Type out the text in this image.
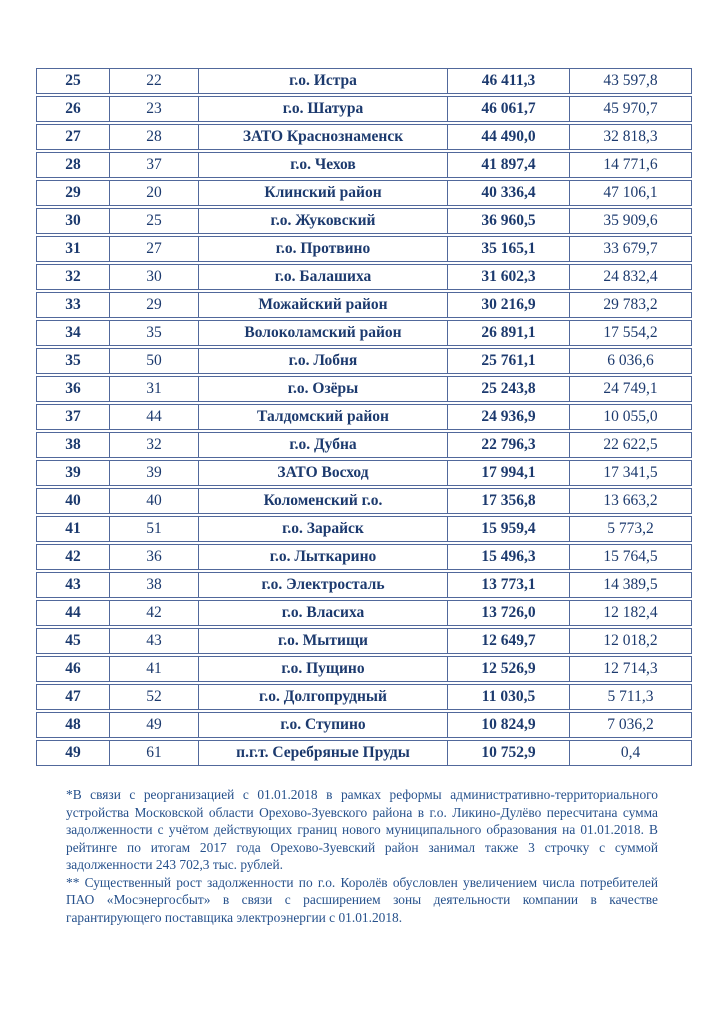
25	22	г.о. Истра	46 411,3	43 597,8
26	23	г.о. Шатура	46 061,7	45 970,7
27	28	ЗАТО Краснознаменск	44 490,0	32 818,3
28	37	г.о. Чехов	41 897,4	14 771,6
29	20	Клинский район	40 336,4	47 106,1
30	25	г.о. Жуковский	36 960,5	35 909,6
31	27	г.о. Протвино	35 165,1	33 679,7
32	30	г.о. Балашиха	31 602,3	24 832,4
33	29	Можайский район	30 216,9	29 783,2
34	35	Волоколамский район	26 891,1	17 554,2
35	50	г.о. Лобня	25 761,1	6 036,6
36	31	г.о. Озёры	25 243,8	24 749,1
37	44	Талдомский район	24 936,9	10 055,0
38	32	г.о. Дубна	22 796,3	22 622,5
39	39	ЗАТО Восход	17 994,1	17 341,5
40	40	Коломенский г.о.	17 356,8	13 663,2
41	51	г.о. Зарайск	15 959,4	5 773,2
42	36	г.о. Лыткарино	15 496,3	15 764,5
43	38	г.о. Электросталь	13 773,1	14 389,5
44	42	г.о. Власиха	13 726,0	12 182,4
45	43	г.о. Мытищи	12 649,7	12 018,2
46	41	г.о. Пущино	12 526,9	12 714,3
47	52	г.о. Долгопрудный	11 030,5	5 711,3
48	49	г.о. Ступино	10 824,9	7 036,2
49	61	п.г.т. Серебряные Пруды	10 752,9	0,4

*В связи с реорганизацией с 01.01.2018 в рамках реформы административно-территориального устройства Московской области Орехово-Зуевского района в г.о. Ликино-Дулёво пересчитана сумма задолженности с учётом действующих границ нового муниципального образования на 01.01.2018. В рейтинге по итогам 2017 года Орехово-Зуевский район занимал также 3 строчку с суммой задолженности 243 702,3 тыс. рублей.

** Существенный рост задолженности по г.о. Королёв обусловлен увеличением числа потребителей ПАО «Мосэнергосбыт» в связи с расширением зоны деятельности компании в качестве гарантирующего поставщика электроэнергии с 01.01.2018.
